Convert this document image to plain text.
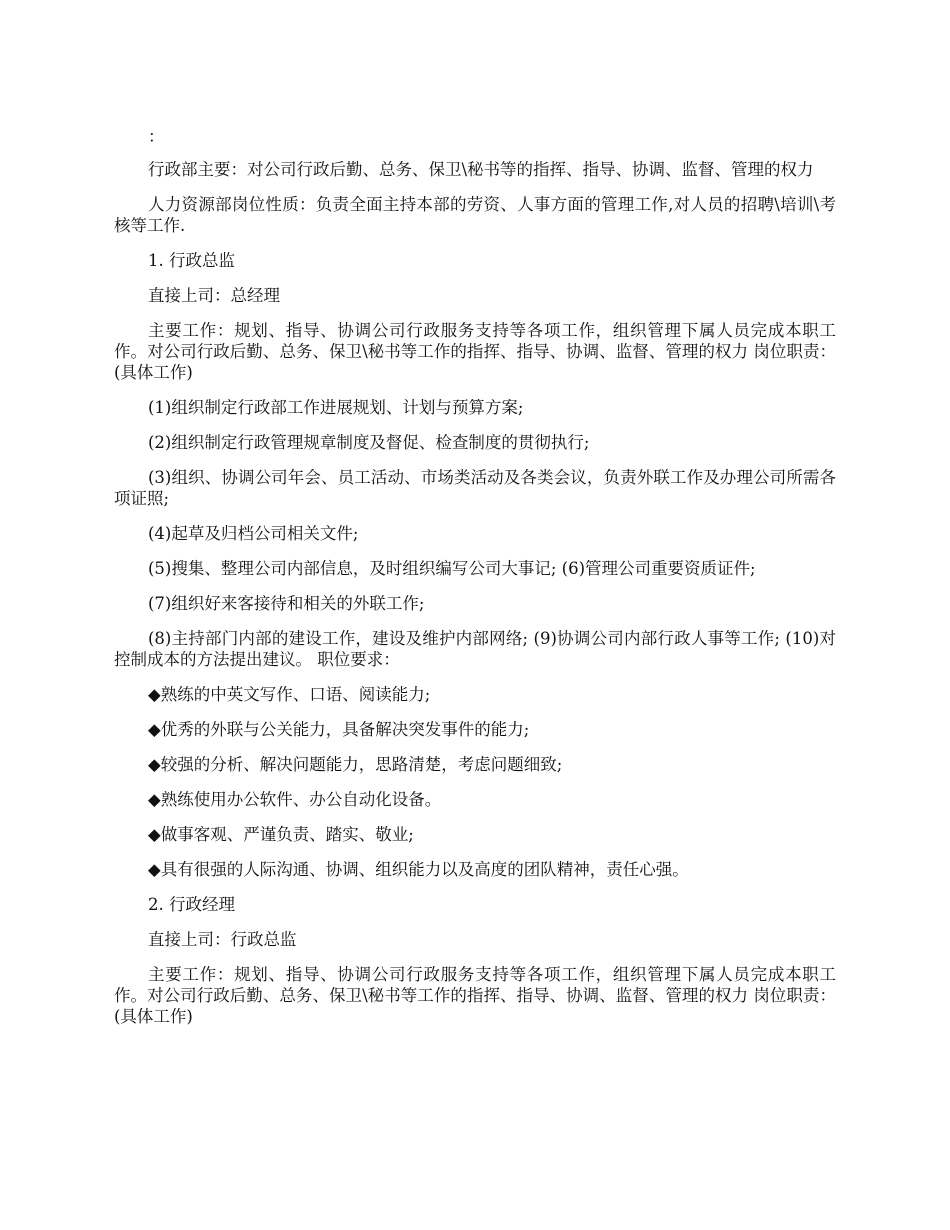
：

行政部主要：对公司行政后勤、总务、保卫\秘书等的指挥、指导、协调、监督、管理的权力

人力资源部岗位性质：负责全面主持本部的劳资、人事方面的管理工作,对人员的招聘\培训\考核等工作.

1. 行政总监

直接上司：总经理

主要工作：规划、指导、协调公司行政服务支持等各项工作，组织管理下属人员完成本职工作。对公司行政后勤、总务、保卫\秘书等工作的指挥、指导、协调、监督、管理的权力 岗位职责：(具体工作)

(1)组织制定行政部工作进展规划、计划与预算方案;

(2)组织制定行政管理规章制度及督促、检查制度的贯彻执行;

(3)组织、协调公司年会、员工活动、市场类活动及各类会议，负责外联工作及办理公司所需各项证照;

(4)起草及归档公司相关文件;

(5)搜集、整理公司内部信息，及时组织编写公司大事记; (6)管理公司重要资质证件;

(7)组织好来客接待和相关的外联工作;

(8)主持部门内部的建设工作，建设及维护内部网络; (9)协调公司内部行政人事等工作; (10)对控制成本的方法提出建议。 职位要求：

◆熟练的中英文写作、口语、阅读能力;

◆优秀的外联与公关能力，具备解决突发事件的能力;

◆较强的分析、解决问题能力，思路清楚，考虑问题细致;

◆熟练使用办公软件、办公自动化设备。

◆做事客观、严谨负责、踏实、敬业;

◆具有很强的人际沟通、协调、组织能力以及高度的团队精神，责任心强。

2. 行政经理

直接上司：行政总监

主要工作：规划、指导、协调公司行政服务支持等各项工作，组织管理下属人员完成本职工作。对公司行政后勤、总务、保卫\秘书等工作的指挥、指导、协调、监督、管理的权力 岗位职责：(具体工作)
